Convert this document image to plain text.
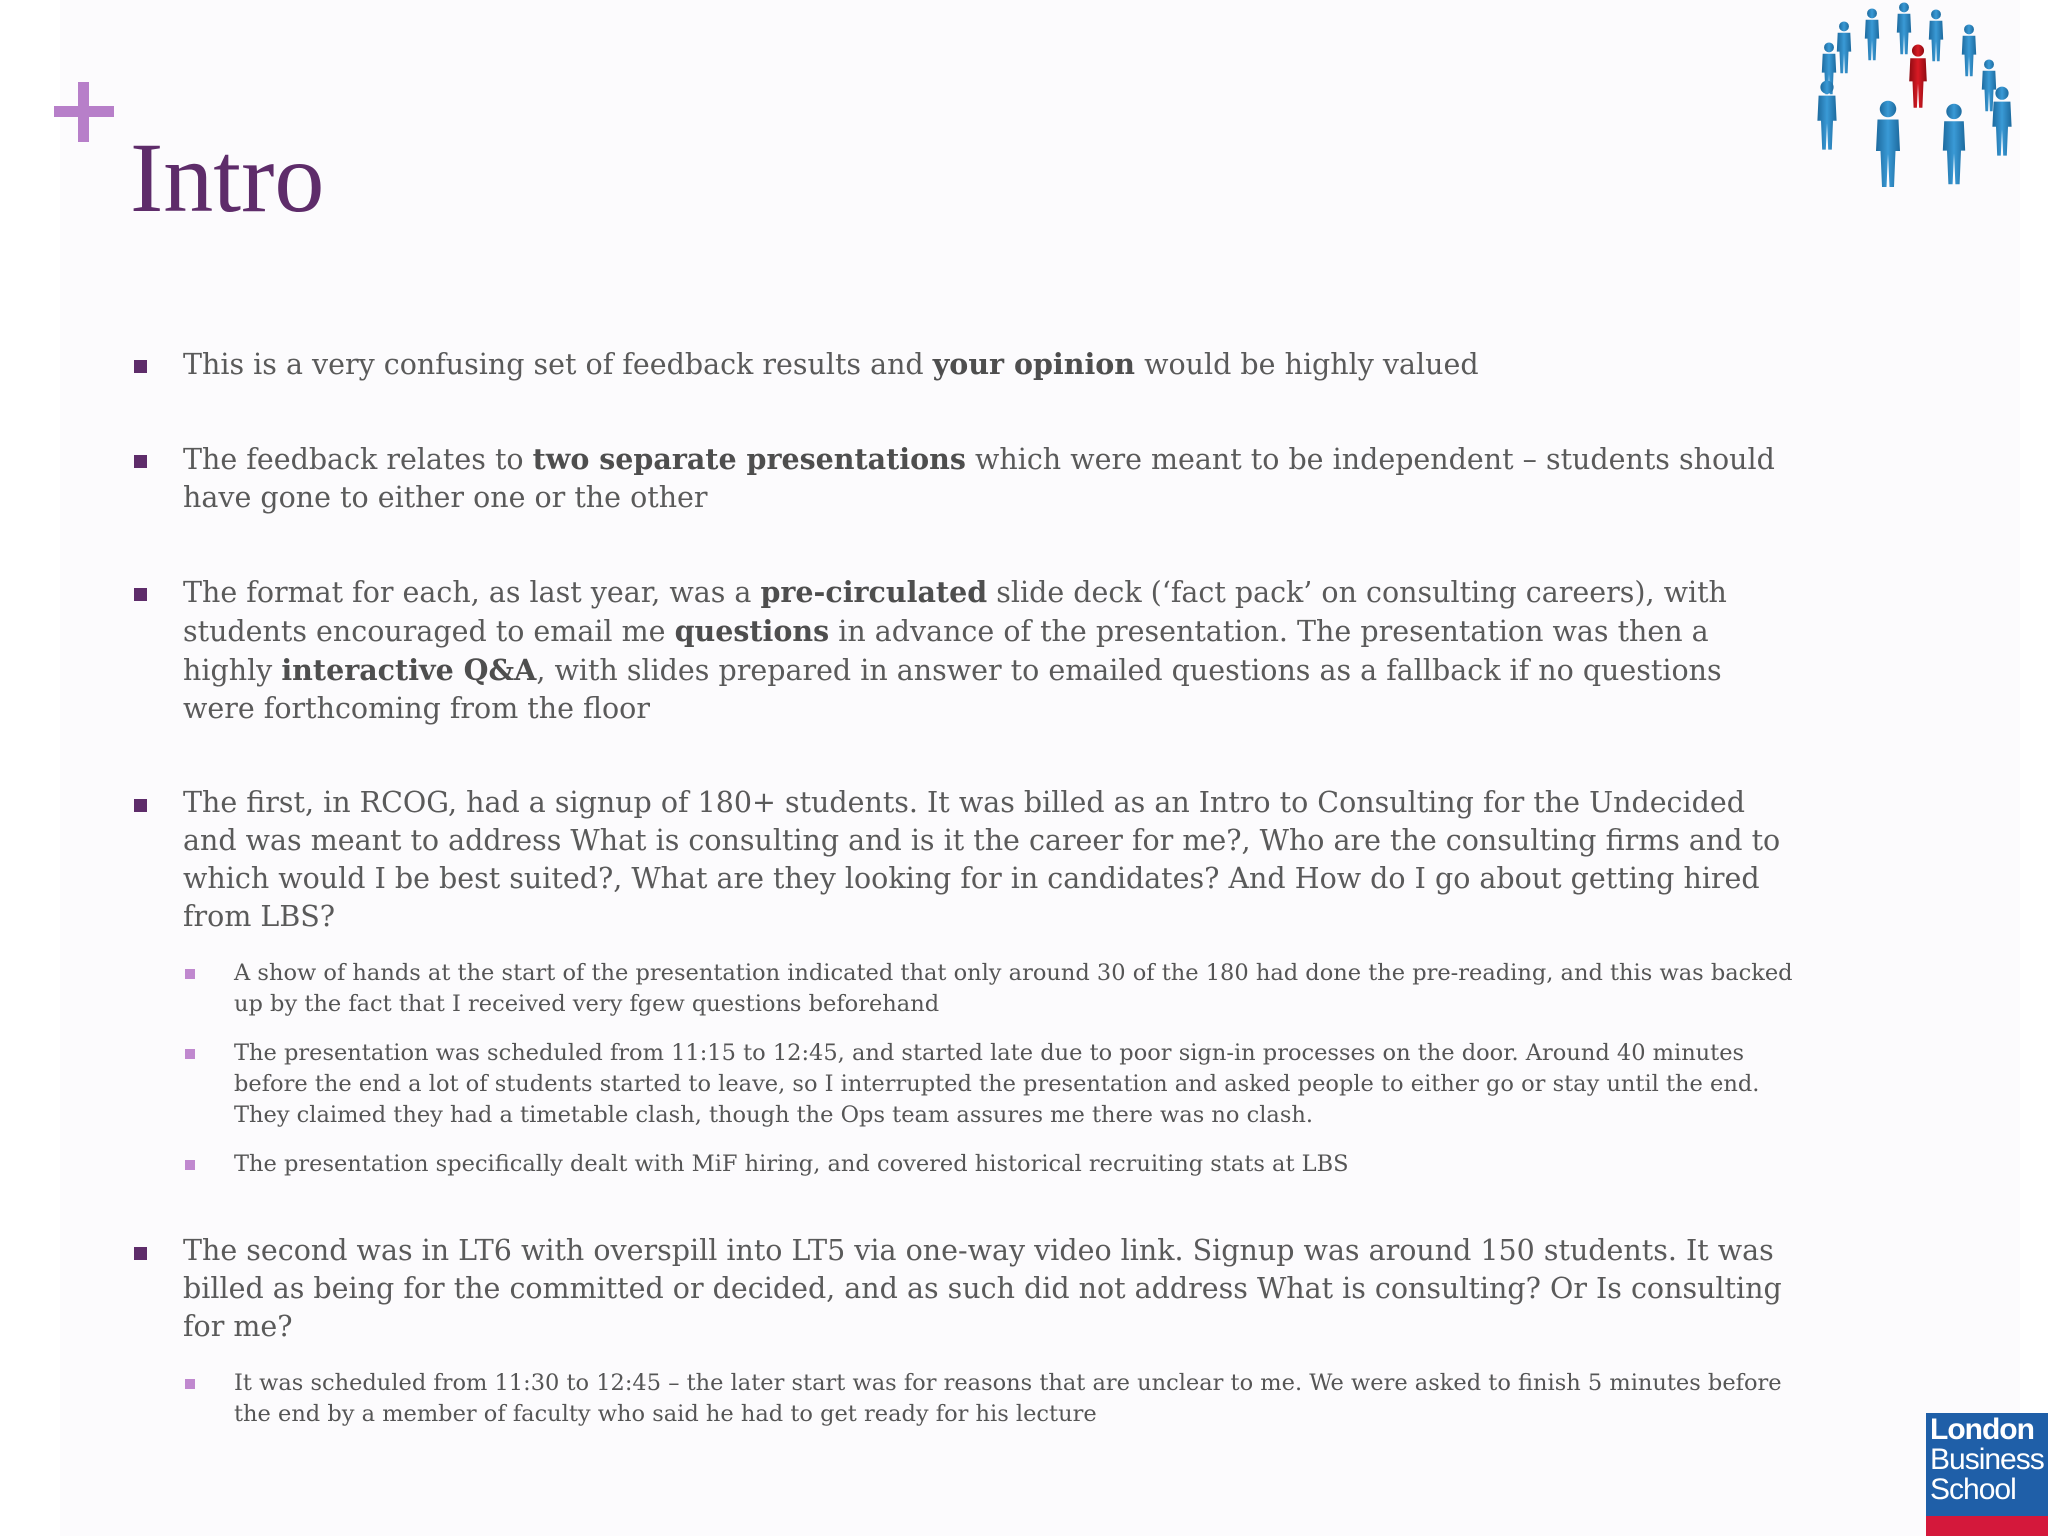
Intro

This is a very confusing set of feedback results and your opinion would be highly valued

The feedback relates to two separate presentations which were meant to be independent – students should have gone to either one or the other

The format for each, as last year, was a pre-circulated slide deck (‘fact pack’ on consulting careers), with students encouraged to email me questions in advance of the presentation. The presentation was then a highly interactive Q&A, with slides prepared in answer to emailed questions as a fallback if no questions were forthcoming from the floor

The first, in RCOG, had a signup of 180+ students. It was billed as an Intro to Consulting for the Undecided and was meant to address What is consulting and is it the career for me?, Who are the consulting firms and to which would I be best suited?, What are they looking for in candidates? And How do I go about getting hired from LBS?

A show of hands at the start of the presentation indicated that only around 30 of the 180 had done the pre-reading, and this was backed up by the fact that I received very fgew questions beforehand

The presentation was scheduled from 11:15 to 12:45, and started late due to poor sign-in processes on the door. Around 40 minutes before the end a lot of students started to leave, so I interrupted the presentation and asked people to either go or stay until the end. They claimed they had a timetable clash, though the Ops team assures me there was no clash.

The presentation specifically dealt with MiF hiring, and covered historical recruiting stats at LBS

The second was in LT6 with overspill into LT5 via one-way video link. Signup was around 150 students. It was billed as being for the committed or decided, and as such did not address What is consulting? Or Is consulting for me?

It was scheduled from 11:30 to 12:45 – the later start was for reasons that are unclear to me. We were asked to finish 5 minutes before the end by a member of faculty who said he had to get ready for his lecture	London
Business
School
